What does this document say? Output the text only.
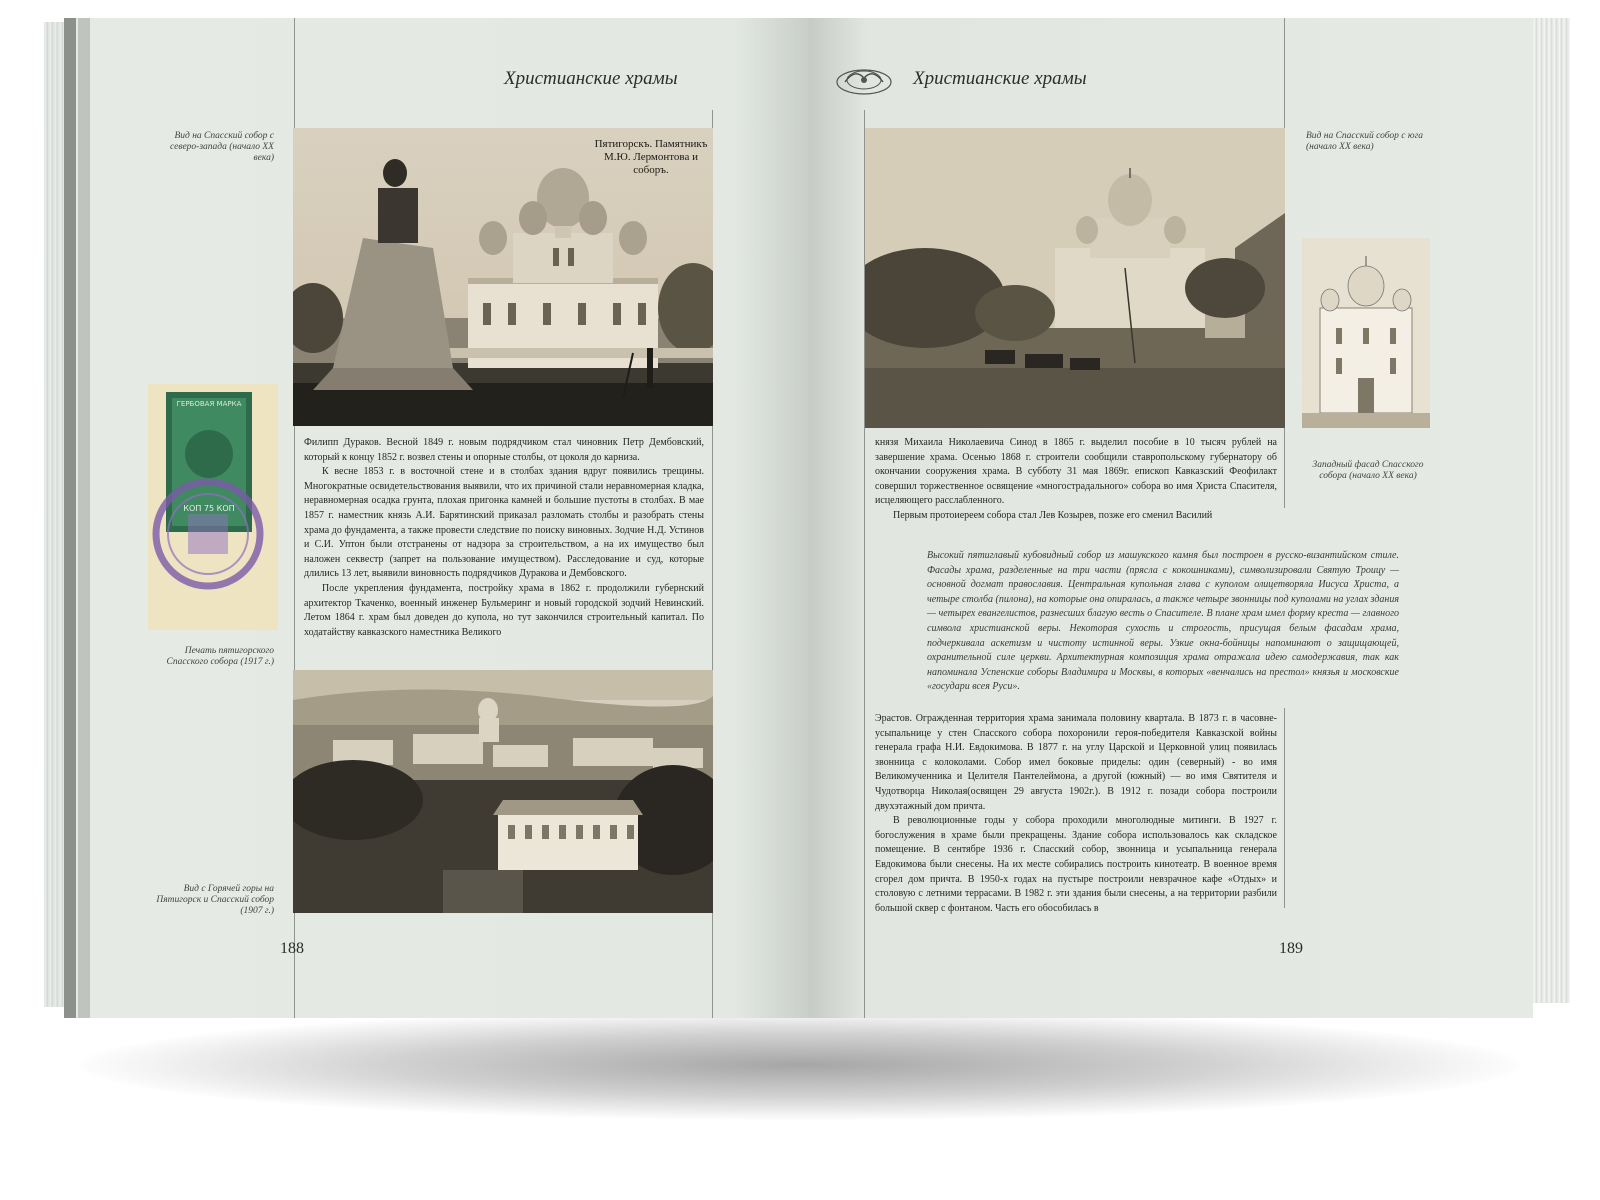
Христианские храмы
Вид на Спасский собор с северо-запада (начало XX века)
Пятигорскъ. Памятникъ М.Ю. Лермонтова и соборъ.
ГЕРБОВАЯ МАРКА
КОП 75 КОП
Печать пятигорского Спасского собора (1917 г.)

Филипп Дураков. Весной 1849 г. новым подрядчиком стал чиновник Петр Дембовский, который к концу 1852 г. возвел стены и опорные столбы, от цоколя до карниза.

К весне 1853 г. в восточной стене и в столбах здания вдруг появились трещины. Многократные освидетельствования выявили, что их причиной стали неравномерная кладка, неравномерная осадка грунта, плохая пригонка камней и большие пустоты в столбах. В мае 1857 г. наместник князь А.И. Барятинский приказал разломать столбы и разобрать стены храма до фундамента, а также провести следствие по поиску виновных. Зодчие Н.Д. Устинов и С.И. Уптон были отстранены от надзора за строительством, а на их имущество был наложен секвестр (запрет на пользование имуществом). Расследование и суд, которые длились 13 лет, выявили виновность подрядчиков Дуракова и Дембовского.

После укрепления фундамента, постройку храма в 1862 г. продолжили губернский архитектор Ткаченко, военный инженер Бульмеринг и новый городской зодчий Невинский. Летом 1864 г. храм был доведен до купола, но тут закончился строительный капитал. По ходатайству кавказского наместника Великого

Вид с Горячей горы на Пятигорск и Спасский собор (1907 г.)
188
Христианские храмы
Вид на Спасский собор с юга (начало XX века)
Западный фасад Спасского собора (начало XX века)

князя Михаила Николаевича Синод в 1865 г. выделил пособие в 10 тысяч рублей на завершение храма. Осенью 1868 г. строители сообщили ставропольскому губернатору об окончании сооружения храма. В субботу 31 мая 1869г. епископ Кавказский Феофилакт совершил торжественное освящение «многострадального» собора во имя Христа Спасителя, исцеляющего расслабленного.

Первым протоиереем собора стал Лев Козырев, позже его сменил Василий

Высокий пятиглавый кубовидный собор из машукского камня был построен в русско-византийском стиле. Фасады храма, разделенные на три части (прясла с кокошниками), символизировали Святую Троицу — основной догмат православия. Центральная купольная глава с куполом олицетворяла Иисуса Христа, а четыре столба (пилона), на которые она опиралась, а также четыре звонницы под куполами на углах здания — четырех евангелистов, разнесших благую весть о Спасителе. В плане храм имел форму креста — главного символа христианской веры. Некоторая сухость и строгость, присущая белым фасадам храма, подчеркивала аскетизм и чистоту истинной веры. Узкие окна-бойницы напоминают о защищающей, охранительной силе церкви. Архитектурная композиция храма отражала идею самодержавия, так как напоминала Успенские соборы Владимира и Москвы, в которых «венчались на престол» князья и московские «государи всея Руси».

Эрастов. Огражденная территория храма занимала половину квартала. В 1873 г. в часовне-усыпальнице у стен Спасского собора похоронили героя-победителя Кавказской войны генерала графа Н.И. Евдокимова. В 1877 г. на углу Царской и Церковной улиц появилась звонница с колоколами. Собор имел боковые приделы: один (северный) - во имя Великомученника и Целителя Пантелеймона, а другой (южный) — во имя Святителя и Чудотворца Николая(освящен 29 августа 1902г.). В 1912 г. позади собора построили двухэтажный дом причта.

В революционные годы у собора проходили многолюдные митинги. В 1927 г. богослужения в храме были прекращены. Здание собора использовалось как складское помещение. В сентябре 1936 г. Спасский собор, звонница и усыпальница генерала Евдокимова были снесены. На их месте собирались построить кинотеатр. В военное время сгорел дом причта. В 1950-х годах на пустыре построили невзрачное кафе «Отдых» и столовую с летними террасами. В 1982 г. эти здания были снесены, а на территории разбили большой сквер с фонтаном. Часть его обособилась в

189
